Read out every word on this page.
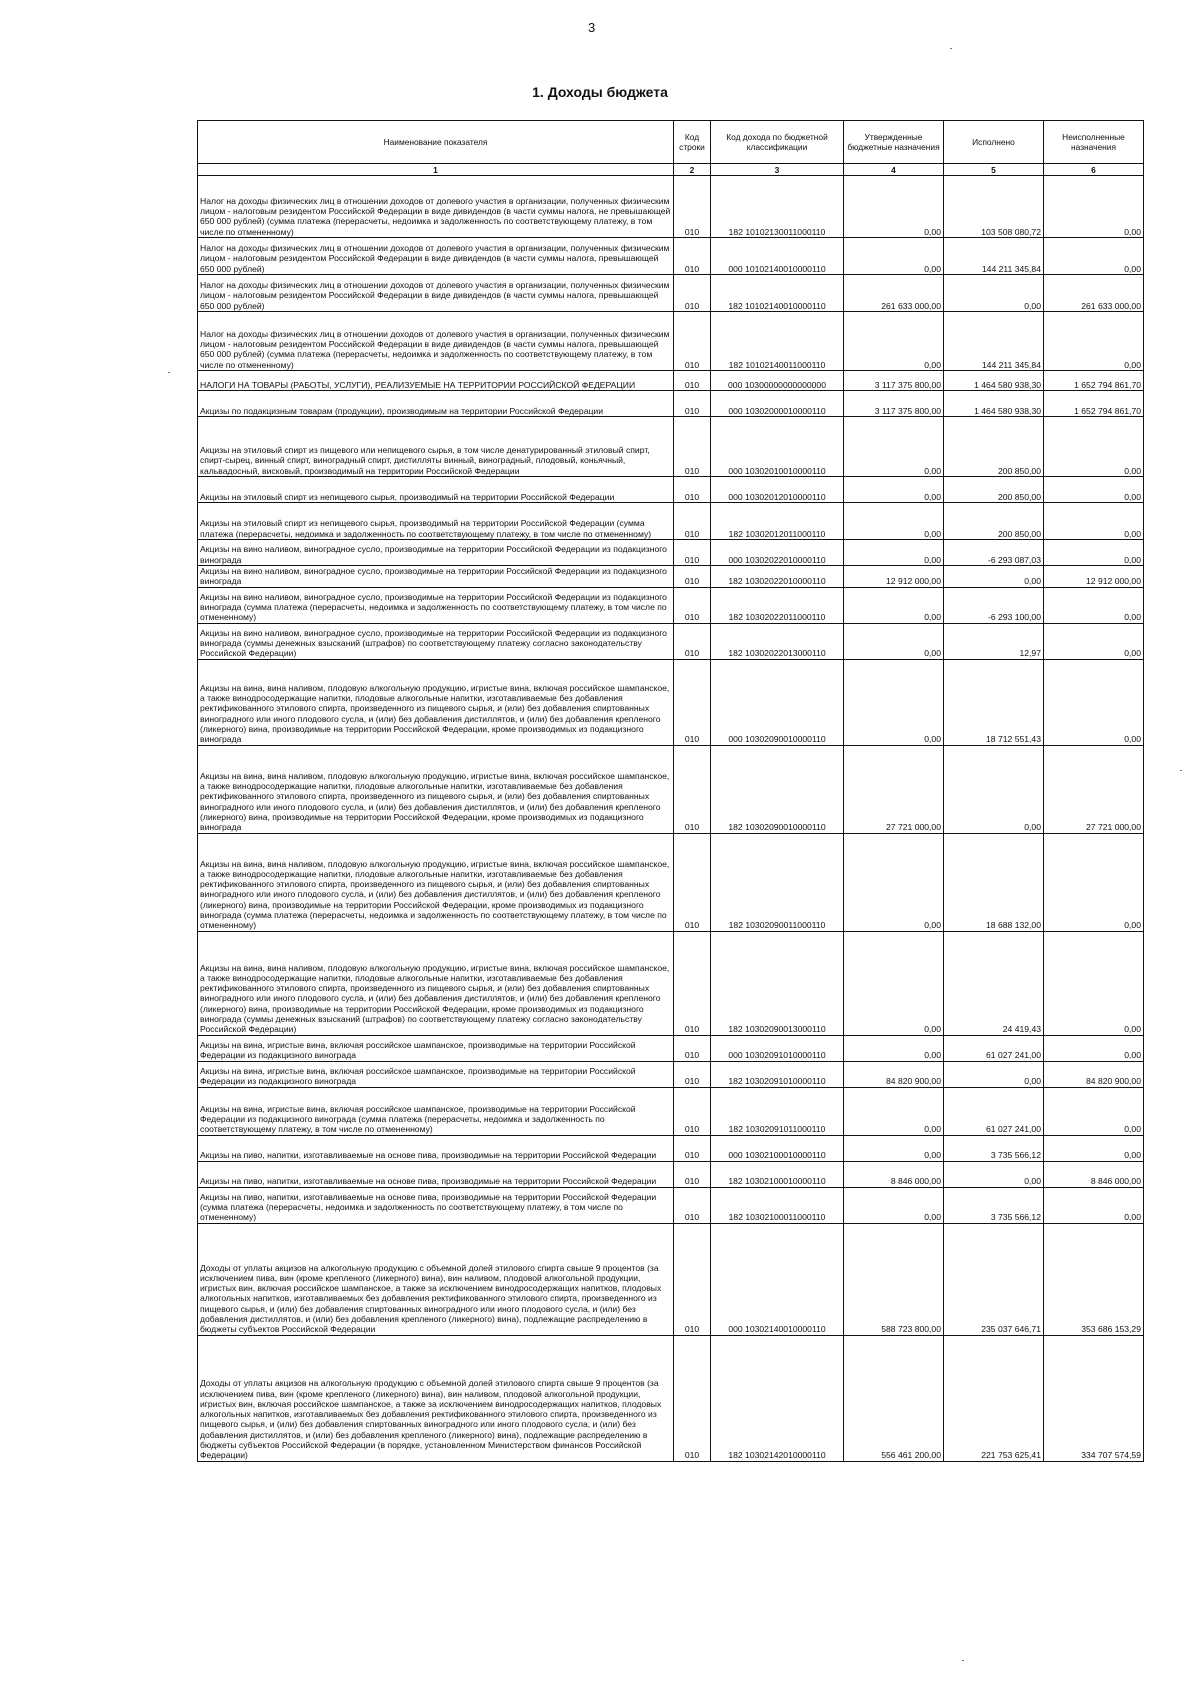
3
1. Доходы бюджета
Наименование показателя	Код строки	Код дохода по бюджетной классификации	Утвержденные бюджетные назначения	Исполнено	Неисполненные назначения
1	2	3	4	5	6
Налог на доходы физических лиц в отношении доходов от долевого участия в организации, полученных физическим лицом - налоговым резидентом Российской Федерации в виде дивидендов (в части суммы налога, не превышающей 650 000 рублей) (сумма платежа (перерасчеты, недоимка и задолженность по соответствующему платежу, в том числе по отмененному)	010	182 10102130011000110	0,00	103 508 080,72	0,00
Налог на доходы физических лиц в отношении доходов от долевого участия в организации, полученных физическим лицом - налоговым резидентом Российской Федерации в виде дивидендов (в части суммы налога, превышающей 650 000 рублей)	010	000 10102140010000110	0,00	144 211 345,84	0,00
Налог на доходы физических лиц в отношении доходов от долевого участия в организации, полученных физическим лицом - налоговым резидентом Российской Федерации в виде дивидендов (в части суммы налога, превышающей 650 000 рублей)	010	182 10102140010000110	261 633 000,00	0,00	261 633 000,00
Налог на доходы физических лиц в отношении доходов от долевого участия в организации, полученных физическим лицом - налоговым резидентом Российской Федерации в виде дивидендов (в части суммы налога, превышающей 650 000 рублей) (сумма платежа (перерасчеты, недоимка и задолженность по соответствующему платежу, в том числе по отмененному)	010	182 10102140011000110	0,00	144 211 345,84	0,00
НАЛОГИ НА ТОВАРЫ (РАБОТЫ, УСЛУГИ), РЕАЛИЗУЕМЫЕ НА ТЕРРИТОРИИ РОССИЙСКОЙ ФЕДЕРАЦИИ	010	000 10300000000000000	3 117 375 800,00	1 464 580 938,30	1 652 794 861,70
Акцизы по подакцизным товарам (продукции), производимым на территории Российской Федерации	010	000 10302000010000110	3 117 375 800,00	1 464 580 938,30	1 652 794 861,70
Акцизы на этиловый спирт из пищевого или непищевого сырья, в том числе денатурированный этиловый спирт, спирт-сырец, винный спирт, виноградный спирт, дистилляты винный, виноградный, плодовый, коньячный, кальвадосный, висковый, производимый на территории Российской Федерации	010	000 10302010010000110	0,00	200 850,00	0,00
Акцизы на этиловый спирт из непищевого сырья, производимый на территории Российской Федерации	010	000 10302012010000110	0,00	200 850,00	0,00
Акцизы на этиловый спирт из непищевого сырья, производимый на территории Российской Федерации (сумма платежа (перерасчеты, недоимка и задолженность по соответствующему платежу, в том числе по отмененному)	010	182 10302012011000110	0,00	200 850,00	0,00
Акцизы на вино наливом, виноградное сусло, производимые на территории Российской Федерации из подакцизного винограда	010	000 10302022010000110	0,00	-6 293 087,03	0,00
Акцизы на вино наливом, виноградное сусло, производимые на территории Российской Федерации из подакцизного винограда	010	182 10302022010000110	12 912 000,00	0,00	12 912 000,00
Акцизы на вино наливом, виноградное сусло, производимые на территории Российской Федерации из подакцизного винограда (сумма платежа (перерасчеты, недоимка и задолженность по соответствующему платежу, в том числе по отмененному)	010	182 10302022011000110	0,00	-6 293 100,00	0,00
Акцизы на вино наливом, виноградное сусло, производимые на территории Российской Федерации из подакцизного винограда (суммы денежных взысканий (штрафов) по соответствующему платежу согласно законодательству Российской Федерации)	010	182 10302022013000110	0,00	12,97	0,00
Акцизы на вина, вина наливом, плодовую алкогольную продукцию, игристые вина, включая российское шампанское, а также винодросодержащие напитки, плодовые алкогольные напитки, изготавливаемые без добавления ректификованного этилового спирта, произведенного из пищевого сырья, и (или) без добавления спиртованных виноградного или иного плодового сусла, и (или) без добавления дистиллятов, и (или) без добавления крепленого (ликерного) вина, производимые на территории Российской Федерации, кроме производимых из подакцизного винограда	010	000 10302090010000110	0,00	18 712 551,43	0,00
Акцизы на вина, вина наливом, плодовую алкогольную продукцию, игристые вина, включая российское шампанское, а также винодросодержащие напитки, плодовые алкогольные напитки, изготавливаемые без добавления ректификованного этилового спирта, произведенного из пищевого сырья, и (или) без добавления спиртованных виноградного или иного плодового сусла, и (или) без добавления дистиллятов, и (или) без добавления крепленого (ликерного) вина, производимые на территории Российской Федерации, кроме производимых из подакцизного винограда	010	182 10302090010000110	27 721 000,00	0,00	27 721 000,00
Акцизы на вина, вина наливом, плодовую алкогольную продукцию, игристые вина, включая российское шампанское, а также винодросодержащие напитки, плодовые алкогольные напитки, изготавливаемые без добавления ректификованного этилового спирта, произведенного из пищевого сырья, и (или) без добавления спиртованных виноградного или иного плодового сусла, и (или) без добавления дистиллятов, и (или) без добавления крепленого (ликерного) вина, производимые на территории Российской Федерации, кроме производимых из подакцизного винограда (сумма платежа (перерасчеты, недоимка и задолженность по соответствующему платежу, в том числе по отмененному)	010	182 10302090011000110	0,00	18 688 132,00	0,00
Акцизы на вина, вина наливом, плодовую алкогольную продукцию, игристые вина, включая российское шампанское, а также винодросодержащие напитки, плодовые алкогольные напитки, изготавливаемые без добавления ректификованного этилового спирта, произведенного из пищевого сырья, и (или) без добавления спиртованных виноградного или иного плодового сусла, и (или) без добавления дистиллятов, и (или) без добавления крепленого (ликерного) вина, производимые на территории Российской Федерации, кроме производимых из подакцизного винограда (суммы денежных взысканий (штрафов) по соответствующему платежу согласно законодательству Российской Федерации)	010	182 10302090013000110	0,00	24 419,43	0,00
Акцизы на вина, игристые вина, включая российское шампанское, производимые на территории Российской Федерации из подакцизного винограда	010	000 10302091010000110	0,00	61 027 241,00	0,00
Акцизы на вина, игристые вина, включая российское шампанское, производимые на территории Российской Федерации из подакцизного винограда	010	182 10302091010000110	84 820 900,00	0,00	84 820 900,00
Акцизы на вина, игристые вина, включая российское шампанское, производимые на территории Российской Федерации из подакцизного винограда (сумма платежа (перерасчеты, недоимка и задолженность по соответствующему платежу, в том числе по отмененному)	010	182 10302091011000110	0,00	61 027 241,00	0,00
Акцизы на пиво, напитки, изготавливаемые на основе пива, производимые на территории Российской Федерации	010	000 10302100010000110	0,00	3 735 566,12	0,00
Акцизы на пиво, напитки, изготавливаемые на основе пива, производимые на территории Российской Федерации	010	182 10302100010000110	8 846 000,00	0,00	8 846 000,00
Акцизы на пиво, напитки, изготавливаемые на основе пива, производимые на территории Российской Федерации (сумма платежа (перерасчеты, недоимка и задолженность по соответствующему платежу, в том числе по отмененному)	010	182 10302100011000110	0,00	3 735 566,12	0,00
Доходы от уплаты акцизов на алкогольную продукцию с объемной долей этилового спирта свыше 9 процентов (за исключением пива, вин (кроме крепленого (ликерного) вина), вин наливом, плодовой алкогольной продукции, игристых вин, включая российское шампанское, а также за исключением винодросодержащих напитков, плодовых алкогольных напитков, изготавливаемых без добавления ректификованного этилового спирта, произведенного из пищевого сырья, и (или) без добавления спиртованных виноградного или иного плодового сусла, и (или) без добавления дистиллятов, и (или) без добавления крепленого (ликерного) вина), подлежащие распределению в бюджеты субъектов Российской Федерации	010	000 10302140010000110	588 723 800,00	235 037 646,71	353 686 153,29
Доходы от уплаты акцизов на алкогольную продукцию с объемной долей этилового спирта свыше 9 процентов (за исключением пива, вин (кроме крепленого (ликерного) вина), вин наливом, плодовой алкогольной продукции, игристых вин, включая российское шампанское, а также за исключением винодросодержащих напитков, плодовых алкогольных напитков, изготавливаемых без добавления ректификованного этилового спирта, произведенного из пищевого сырья, и (или) без добавления спиртованных виноградного или иного плодового сусла, и (или) без добавления дистиллятов, и (или) без добавления крепленого (ликерного) вина), подлежащие распределению в бюджеты субъектов Российской Федерации (в порядке, установленном Министерством финансов Российской Федерации)	010	182 10302142010000110	556 461 200,00	221 753 625,41	334 707 574,59
